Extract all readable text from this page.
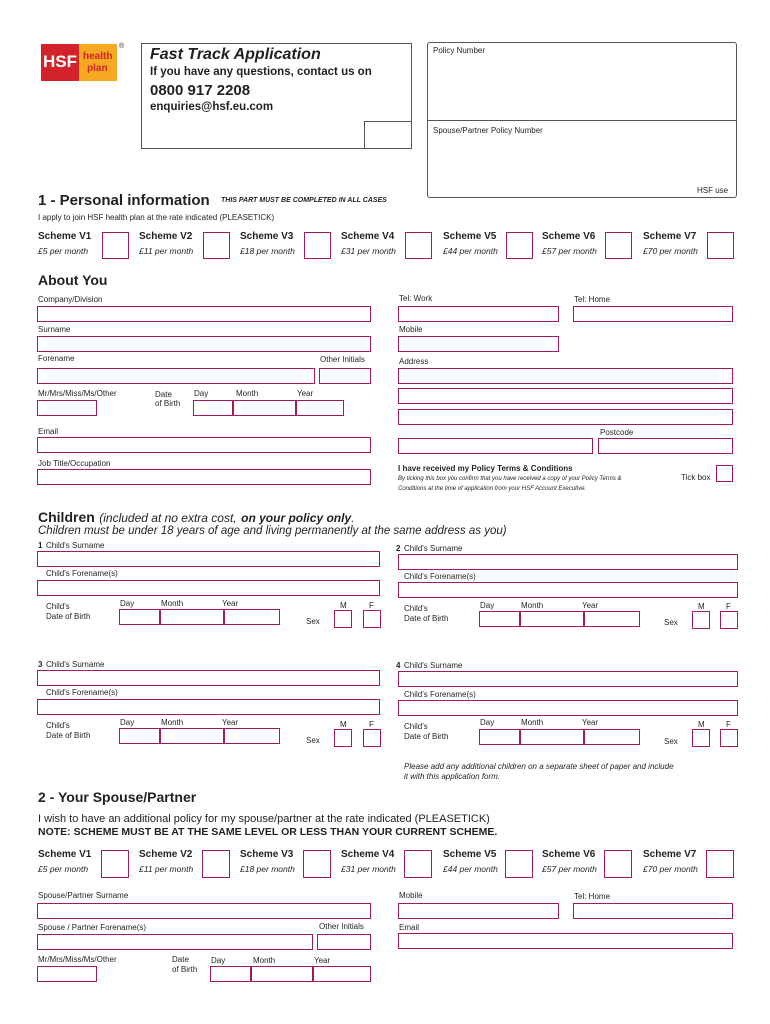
HSF health
plan
® Fast Track Application
If you have any questions, contact us on
0800 917 2208
enquiries@hsf.eu.com
Policy Number
Spouse/Partner Policy Number
HSF use
1 - Personal information THIS PART MUST BE COMPLETED IN ALL CASES
I apply to join HSF health plan at the rate indicated (PLEASETICK)
Scheme V1
£5 per month
Scheme V2
£11 per month
Scheme V3
£18 per month
Scheme V4
£31 per month
Scheme V5
£44 per month
Scheme V6
£57 per month
Scheme V7
£70 per month
About You
Company/Division	Tel: Work	Tel: Home
Surname	Mobile
Forename	Other Initials	Address
Mr/Mrs/Miss/Ms/Other	Date
of Birth
Day	Month	Year
Email	Postcode
Job Title/Occupation
I have received my Policy Terms & Conditions
By ticking this box you confirm that you have received a copy of your Policy Terms &
Conditions at the time of application from your HSF Account Executive.
Tick box
Children (included at no extra cost, on your policy only.
Children must be under 18 years of age and living permanently at the same address as you)
1 Child's Surname
Child's Forename(s)
Child's
Date of Birth
Day	Month	Year
Sex
M	F
2 Child's Surname
Child's Forename(s)
Child's
Date of Birth
Day	Month	Year
Sex
M	F
3 Child's Surname
Child's Forename(s)
Child's
Date of Birth
Day	Month	Year
Sex
M	F
4 Child's Surname
Child's Forename(s)
Child's
Date of Birth
Day	Month	Year
Sex
M	F
Please add any additional children on a separate sheet of paper and include
it with this application form.
2 - Your Spouse/Partner
I wish to have an additional policy for my spouse/partner at the rate indicated (PLEASETICK)
NOTE: SCHEME MUST BE AT THE SAME LEVEL OR LESS THAN YOUR CURRENT SCHEME.
Scheme V1
£5 per month
Scheme V2
£11 per month
Scheme V3
£18 per month
Scheme V4
£31 per month
Scheme V5
£44 per month
Scheme V6
£57 per month
Scheme V7
£70 per month
Spouse/Partner Surname	Mobile	Tel: Home
Spouse / Partner Forename(s)	Other Initials	Email
Mr/Mrs/Miss/Ms/Other	Date
of Birth
Day	Month	Year
